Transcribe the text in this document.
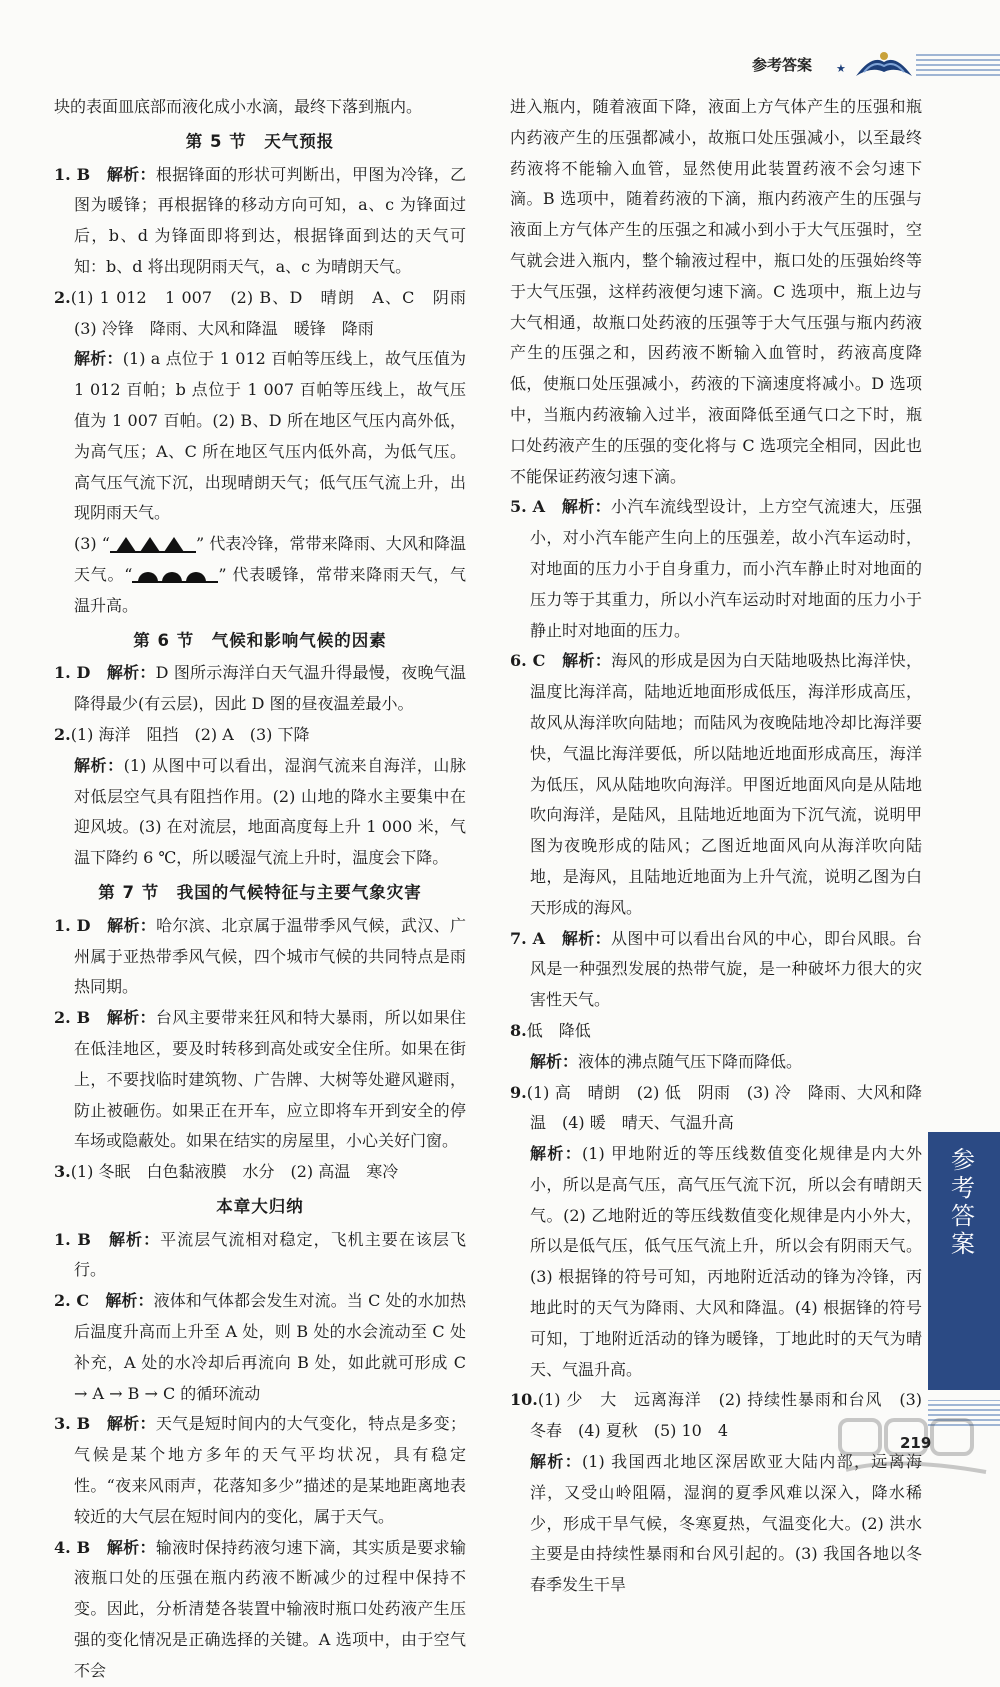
参考答案 ★

块的表面皿底部而液化成小水滴，最终下落到瓶内。

第 5 节　天气预报

1. B　 解析：根据锋面的形状可判断出，甲图为冷锋，乙图为暖锋；再根据锋的移动方向可知，a、c 为锋面过后，b、d 为锋面即将到达，根据锋面到达的天气可知：b、d 将出现阴雨天气，a、c 为晴朗天气。

2.(1) 1 012　1 007　(2) B、D　晴朗　A、C　阴雨　(3) 冷锋　降雨、大风和降温　暖锋　降雨

解析：(1) a 点位于 1 012 百帕等压线上，故气压值为 1 012 百帕；b 点位于 1 007 百帕等压线上，故气压值为 1 007 百帕。(2) B、D 所在地区气压内高外低，为高气压；A、C 所在地区气压内低外高，为低气压。高气压气流下沉，出现晴朗天气；低气压气流上升，出现阴雨天气。

(3) “	” 代表冷锋，常带来降雨、大风和降温天气。“	” 代表暖锋，常带来降雨天气，气温升高。

第 6 节　气候和影响气候的因素

1. D　 解析：D 图所示海洋白天气温升得最慢，夜晚气温降得最少(有云层)，因此 D 图的昼夜温差最小。

2.(1) 海洋　阻挡　(2) A　(3) 下降

解析：(1) 从图中可以看出，湿润气流来自海洋，山脉对低层空气具有阻挡作用。(2) 山地的降水主要集中在迎风坡。(3) 在对流层，地面高度每上升 1 000 米，气温下降约 6 ℃，所以暖湿气流上升时，温度会下降。

第 7 节　我国的气候特征与主要气象灾害

1. D　 解析：哈尔滨、北京属于温带季风气候，武汉、广州属于亚热带季风气候，四个城市气候的共同特点是雨热同期。

2. B　 解析：台风主要带来狂风和特大暴雨，所以如果住在低洼地区，要及时转移到高处或安全住所。如果在街上，不要找临时建筑物、广告牌、大树等处避风避雨，防止被砸伤。如果正在开车，应立即将车开到安全的停车场或隐蔽处。如果在结实的房屋里，小心关好门窗。

3.(1) 冬眠　白色黏液膜　水分　(2) 高温　寒冷

本章大归纳

1. B　 解析：平流层气流相对稳定，飞机主要在该层飞行。

2. C　 解析：液体和气体都会发生对流。当 C 处的水加热后温度升高而上升至 A 处，则 B 处的水会流动至 C 处补充，A 处的水冷却后再流向 B 处，如此就可形成 C → A → B → C 的循环流动

3. B　 解析：天气是短时间内的大气变化，特点是多变；气候是某个地方多年的天气平均状况，具有稳定性。“夜来风雨声，花落知多少”描述的是某地距离地表较近的大气层在短时间内的变化，属于天气。

4. B　 解析：输液时保持药液匀速下滴，其实质是要求输液瓶口处的压强在瓶内药液不断减少的过程中保持不变。因此，分析清楚各装置中输液时瓶口处药液产生压强的变化情况是正确选择的关键。A 选项中，由于空气不会

进入瓶内，随着液面下降，液面上方气体产生的压强和瓶内药液产生的压强都减小，故瓶口处压强减小，以至最终药液将不能输入血管，显然使用此装置药液不会匀速下滴。B 选项中，随着药液的下滴，瓶内药液产生的压强与液面上方气体产生的压强之和减小到小于大气压强时，空气就会进入瓶内，整个输液过程中，瓶口处的压强始终等于大气压强，这样药液便匀速下滴。C 选项中，瓶上边与大气相通，故瓶口处药液的压强等于大气压强与瓶内药液产生的压强之和，因药液不断输入血管时，药液高度降低，使瓶口处压强减小，药液的下滴速度将减小。D 选项中，当瓶内药液输入过半，液面降低至通气口之下时，瓶口处药液产生的压强的变化将与 C 选项完全相同，因此也不能保证药液匀速下滴。

5. A　 解析：小汽车流线型设计，上方空气流速大，压强小，对小汽车能产生向上的压强差，故小汽车运动时，对地面的压力小于自身重力，而小汽车静止时对地面的压力等于其重力，所以小汽车运动时对地面的压力小于静止时对地面的压力。

6. C　 解析：海风的形成是因为白天陆地吸热比海洋快，温度比海洋高，陆地近地面形成低压，海洋形成高压，故风从海洋吹向陆地；而陆风为夜晚陆地冷却比海洋要快，气温比海洋要低，所以陆地近地面形成高压，海洋为低压，风从陆地吹向海洋。甲图近地面风向是从陆地吹向海洋，是陆风，且陆地近地面为下沉气流，说明甲图为夜晚形成的陆风；乙图近地面风向从海洋吹向陆地，是海风，且陆地近地面为上升气流，说明乙图为白天形成的海风。

7. A　 解析：从图中可以看出台风的中心，即台风眼。台风是一种强烈发展的热带气旋，是一种破坏力很大的灾害性天气。

8.低　降低

解析：液体的沸点随气压下降而降低。

9.(1) 高　晴朗　(2) 低　阴雨　(3) 冷　降雨、大风和降温　(4) 暖　晴天、气温升高

解析：(1) 甲地附近的等压线数值变化规律是内大外小，所以是高气压，高气压气流下沉，所以会有晴朗天气。(2) 乙地附近的等压线数值变化规律是内小外大，所以是低气压，低气压气流上升，所以会有阴雨天气。(3) 根据锋的符号可知，丙地附近活动的锋为冷锋，丙地此时的天气为降雨、大风和降温。(4) 根据锋的符号可知，丁地附近活动的锋为暖锋，丁地此时的天气为晴天、气温升高。

10.(1) 少　大　远离海洋　(2) 持续性暴雨和台风　(3) 冬春　(4) 夏秋　(5) 10　4

解析：(1) 我国西北地区深居欧亚大陆内部，远离海洋，又受山岭阻隔，湿润的夏季风难以深入，降水稀少，形成干旱气候，冬寒夏热，气温变化大。(2) 洪水主要是由持续性暴雨和台风引起的。(3) 我国各地以冬春季发生干旱

参考答案
219
